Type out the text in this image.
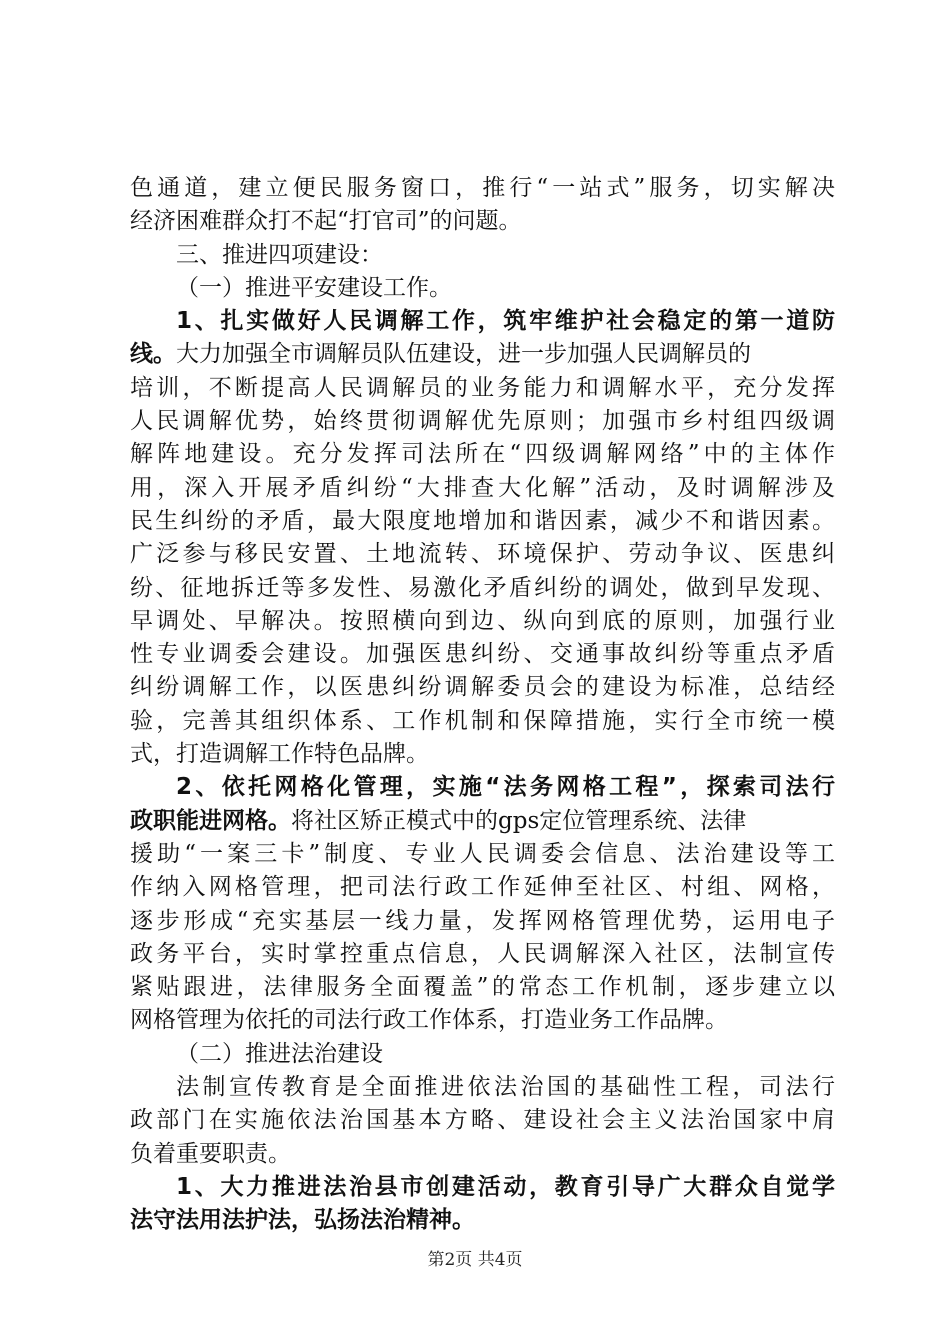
色通道，建立便民服务窗口，推行“一站式”服务，切实解决
经济困难群众打不起“打官司”的问题。
三、推进四项建设：
（一）推进平安建设工作。
1、扎实做好人民调解工作，筑牢维护社会稳定的第一道防
线。大力加强全市调解员队伍建设，进一步加强人民调解员的
培训，不断提高人民调解员的业务能力和调解水平，充分发挥
人民调解优势，始终贯彻调解优先原则；加强市乡村组四级调
解阵地建设。充分发挥司法所在“四级调解网络”中的主体作
用，深入开展矛盾纠纷“大排查大化解”活动，及时调解涉及
民生纠纷的矛盾，最大限度地增加和谐因素，减少不和谐因素。
广泛参与移民安置、土地流转、环境保护、劳动争议、医患纠
纷、征地拆迁等多发性、易激化矛盾纠纷的调处，做到早发现、
早调处、早解决。按照横向到边、纵向到底的原则，加强行业
性专业调委会建设。加强医患纠纷、交通事故纠纷等重点矛盾
纠纷调解工作，以医患纠纷调解委员会的建设为标准，总结经
验，完善其组织体系、工作机制和保障措施，实行全市统一模
式，打造调解工作特色品牌。
2、依托网格化管理，实施“法务网格工程”，探索司法行
政职能进网格。将社区矫正模式中的gps定位管理系统、法律
援助“一案三卡”制度、专业人民调委会信息、法治建设等工
作纳入网格管理，把司法行政工作延伸至社区、村组、网格，
逐步形成“充实基层一线力量，发挥网格管理优势，运用电子
政务平台，实时掌控重点信息，人民调解深入社区，法制宣传
紧贴跟进，法律服务全面覆盖”的常态工作机制，逐步建立以
网格管理为依托的司法行政工作体系，打造业务工作品牌。
（二）推进法治建设
法制宣传教育是全面推进依法治国的基础性工程，司法行
政部门在实施依法治国基本方略、建设社会主义法治国家中肩
负着重要职责。
1、大力推进法治县市创建活动，教育引导广大群众自觉学
法守法用法护法，弘扬法治精神。
第2页 共4页
